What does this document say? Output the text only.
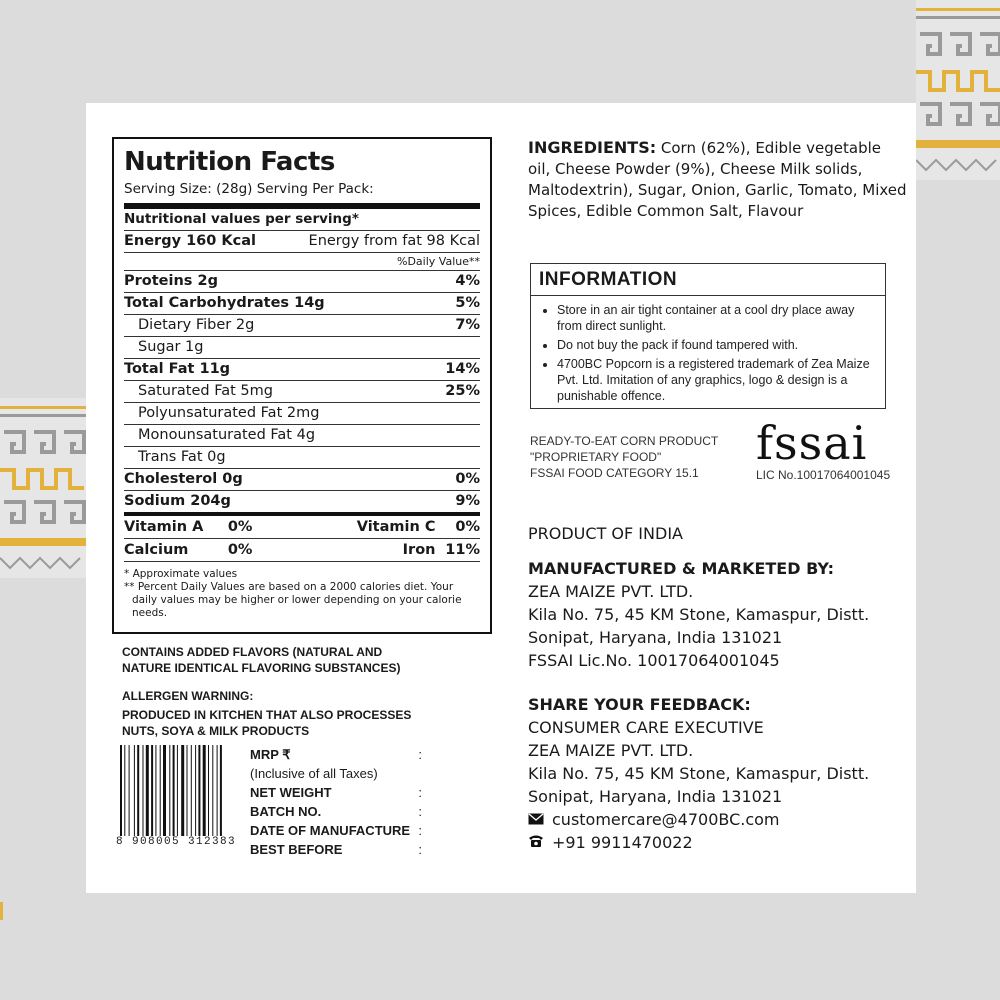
Nutrition Facts
Serving Size: (28g) Serving Per Pack:
Nutritional values per serving*
Energy 160 Kcal	Energy from fat 98 Kcal
%Daily Value**
Proteins 2g	4%
Total Carbohydrates 14g	5%
Dietary Fiber 2g	7%
Sugar 1g
Total Fat 11g	14%
Saturated Fat 5mg	25%
Polyunsaturated Fat 2mg
Monounsaturated Fat 4g
Trans Fat 0g
Cholesterol 0g	0%
Sodium 204g	9%
Vitamin A	0%	Vitamin C	0%
Calcium	0%	Iron 11%
* Approximate values
** Percent Daily Values are based on a 2000 calories diet. Your daily values may be higher or lower depending on your calorie needs.
CONTAINS ADDED FLAVORS (NATURAL AND
NATURE IDENTICAL FLAVORING SUBSTANCES)
ALLERGEN WARNING:
PRODUCED IN KITCHEN THAT ALSO PROCESSES
NUTS, SOYA & MILK PRODUCTS
8 908005 312383
MRP ₹	:
(Inclusive of all Taxes)
NET WEIGHT	:
BATCH NO.	:
DATE OF MANUFACTURE :
BEST BEFORE	:
INGREDIENTS: Corn (62%), Edible vegetable oil, Cheese Powder (9%), Cheese Milk solids, Maltodextrin), Sugar, Onion, Garlic, Tomato, Mixed Spices, Edible Common Salt, Flavour
INFORMATION
• Store in an air tight container at a cool dry place away from direct sunlight.
• Do not buy the pack if found tampered with.
• 4700BC Popcorn is a registered trademark of Zea Maize Pvt. Ltd. Imitation of any graphics, logo & design is a punishable offence.
READY-TO-EAT CORN PRODUCT
"PROPRIETARY FOOD"
FSSAI FOOD CATEGORY 15.1
fssai
LIC No.10017064001045
PRODUCT OF INDIA
MANUFACTURED & MARKETED BY:
ZEA MAIZE PVT. LTD.
Kila No. 75, 45 KM Stone, Kamaspur, Distt.
Sonipat, Haryana, India 131021
FSSAI Lic.No. 10017064001045
SHARE YOUR FEEDBACK:
CONSUMER CARE EXECUTIVE
ZEA MAIZE PVT. LTD.
Kila No. 75, 45 KM Stone, Kamaspur, Distt.
Sonipat, Haryana, India 131021
customercare@4700BC.com
+91 9911470022
